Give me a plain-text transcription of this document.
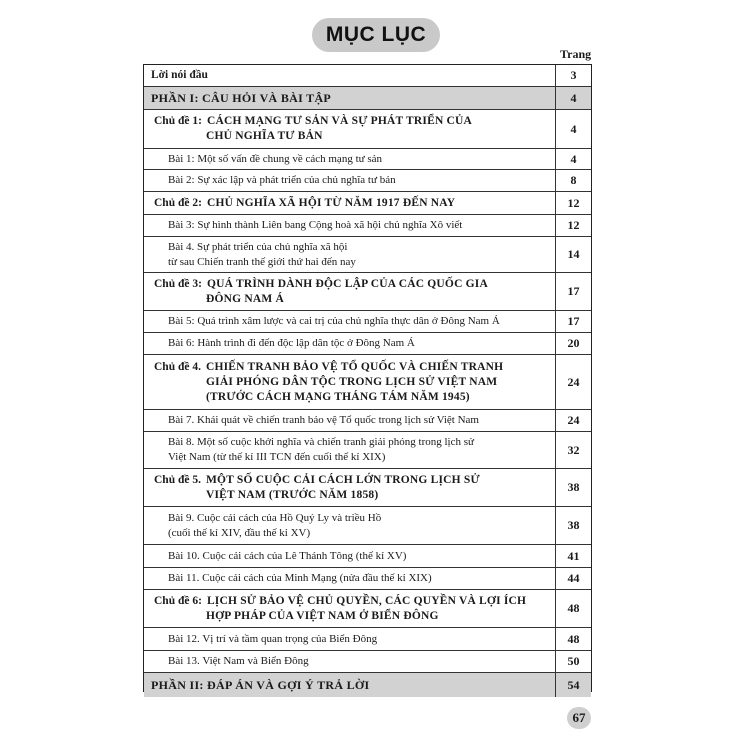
MỤC LỤC
Trang
Lời nói đầu	3
PHẦN I: CÂU HỎI VÀ BÀI TẬP	4
Chủ đề 1: CÁCH MẠNG TƯ SẢN VÀ SỰ PHÁT TRIỂN CỦA
CHỦ NGHĨA TƯ BẢN
4
Bài 1: Một số vấn đề chung về cách mạng tư sản	4
Bài 2: Sự xác lập và phát triển của chủ nghĩa tư bản	8
Chủ đề 2: CHỦ NGHĨA XÃ HỘI TỪ NĂM 1917 ĐẾN NAY	12
Bài 3: Sự hình thành Liên bang Cộng hoà xã hội chủ nghĩa Xô viết	12
Bài 4. Sự phát triển của chủ nghĩa xã hội
từ sau Chiến tranh thế giới thứ hai đến nay
14
Chủ đề 3: QUÁ TRÌNH DÀNH ĐỘC LẬP CỦA CÁC QUỐC GIA
ĐÔNG NAM Á
17
Bài 5: Quá trình xâm lược và cai trị của chủ nghĩa thực dân ở Đông Nam Á	17
Bài 6: Hành trình đi đến độc lập dân tộc ở Đông Nam Á	20
Chủ đề 4. CHIẾN TRANH BẢO VỆ TỔ QUỐC VÀ CHIẾN TRANH
GIẢI PHÓNG DÂN TỘC TRONG LỊCH SỬ VIỆT NAM
(TRƯỚC CÁCH MẠNG THÁNG TÁM NĂM 1945)
24
Bài 7. Khái quát về chiến tranh bảo vệ Tổ quốc trong lịch sử Việt Nam	24
Bài 8. Một số cuộc khởi nghĩa và chiến tranh giải phóng trong lịch sử
Việt Nam (từ thế kỉ III TCN đến cuối thế kỉ XIX)
32
Chủ đề 5. MỘT SỐ CUỘC CẢI CÁCH LỚN TRONG LỊCH SỬ
VIỆT NAM (TRƯỚC NĂM 1858)
38
Bài 9. Cuộc cải cách của Hồ Quý Ly và triều Hồ
(cuối thế kỉ XIV, đầu thế kỉ XV)
38
Bài 10. Cuộc cải cách của Lê Thánh Tông (thế kỉ XV)	41
Bài 11. Cuộc cải cách của Minh Mạng (nửa đầu thế kỉ XIX)	44
Chủ đề 6: LỊCH SỬ BẢO VỆ CHỦ QUYỀN, CÁC QUYỀN VÀ LỢI ÍCH
HỢP PHÁP CỦA VIỆT NAM Ở BIỂN ĐÔNG
48
Bài 12. Vị trí và tầm quan trọng của Biển Đông	48
Bài 13. Việt Nam và Biển Đông	50
PHẦN II: ĐÁP ÁN VÀ GỢI Ý TRẢ LỜI	54
67
